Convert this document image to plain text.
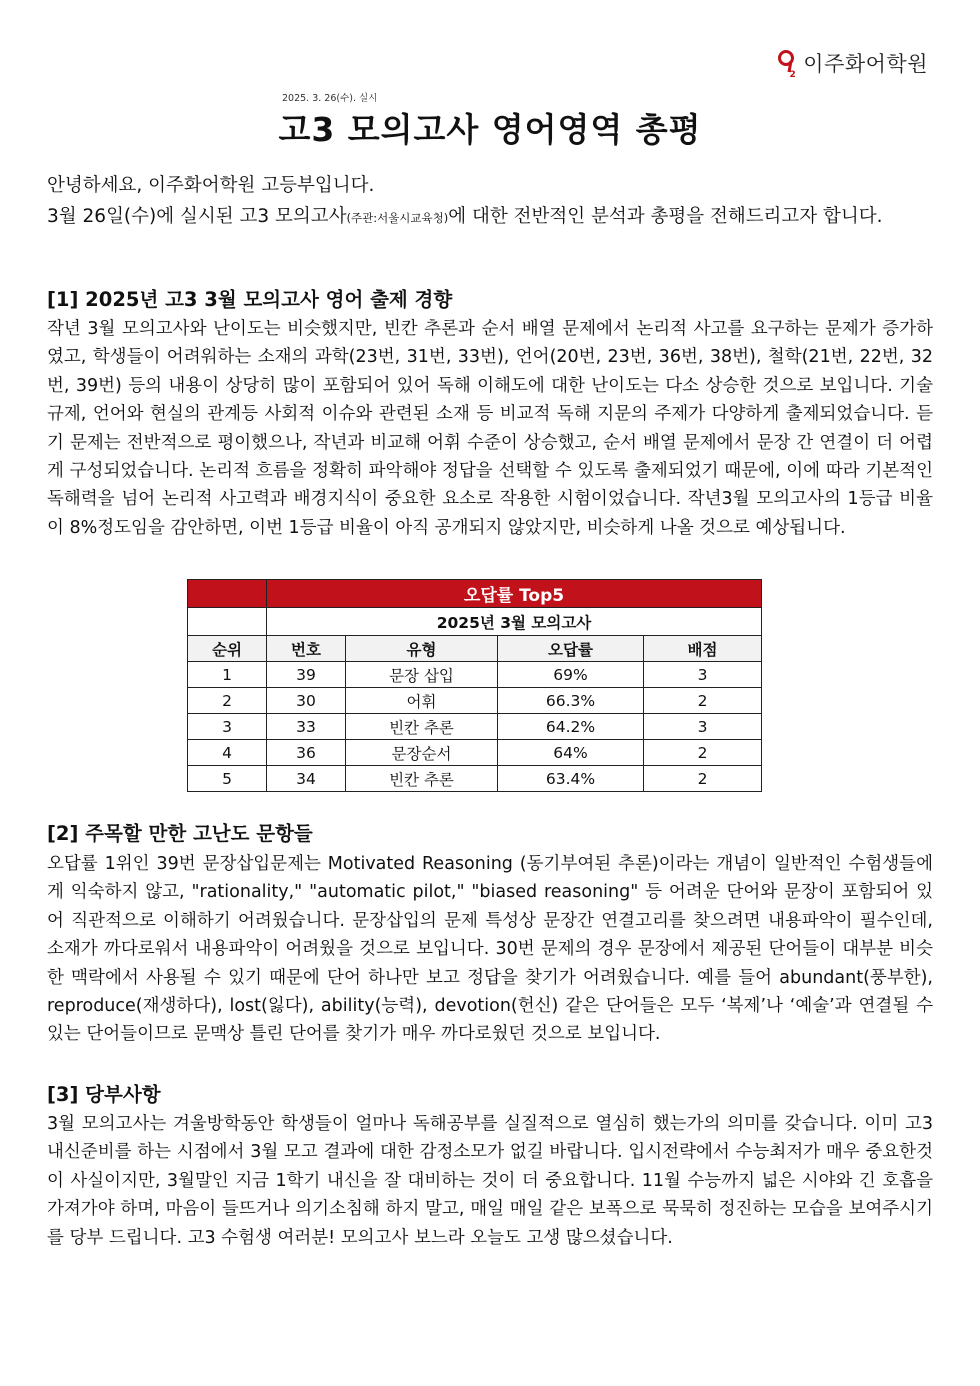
2 이주화어학원
2025. 3. 26(수). 실시
고3 모의고사 영어영역 총평

안녕하세요, 이주화어학원 고등부입니다.

3월 26일(수)에 실시된 고3 모의고사(주관:서울시교육청)에 대한 전반적인 분석과 총평을 전해드리고자 합니다.

[1] 2025년 고3 3월 모의고사 영어 출제 경향

작년 3월 모의고사와 난이도는 비슷했지만, 빈칸 추론과 순서 배열 문제에서 논리적 사고를 요구하는 문제가 증가하였고, 학생들이 어려워하는 소재의 과학(23번, 31번, 33번), 언어(20번, 23번, 36번, 38번), 철학(21번, 22번, 32번, 39번) 등의 내용이 상당히 많이 포함되어 있어 독해 이해도에 대한 난이도는 다소 상승한 것으로 보입니다. 기술규제, 언어와 현실의 관계등 사회적 이슈와 관련된 소재 등 비교적 독해 지문의 주제가 다양하게 출제되었습니다. 듣기 문제는 전반적으로 평이했으나, 작년과 비교해 어휘 수준이 상승했고, 순서 배열 문제에서 문장 간 연결이 더 어렵게 구성되었습니다. 논리적 흐름을 정확히 파악해야 정답을 선택할 수 있도록 출제되었기 때문에, 이에 따라 기본적인 독해력을 넘어 논리적 사고력과 배경지식이 중요한 요소로 작용한 시험이었습니다. 작년3월 모의고사의 1등급 비율이 8%정도임을 감안하면, 이번 1등급 비율이 아직 공개되지 않았지만, 비슷하게 나올 것으로 예상됩니다.

	오답률 Top5			
	2025년 3월 모의고사			
순위	번호	유형	오답률	배점
1	39	문장 삽입	69%	3
2	30	어휘	66.3%	2
3	33	빈칸 추론	64.2%	3
4	36	문장순서	64%	2
5	34	빈칸 추론	63.4%	2
[2] 주목할 만한 고난도 문항들

오답률 1위인 39번 문장삽입문제는 Motivated Reasoning (동기부여된 추론)이라는 개념이 일반적인 수험생들에게 익숙하지 않고, "rationality," "automatic pilot," "biased reasoning" 등 어려운 단어와 문장이 포함되어 있어 직관적으로 이해하기 어려웠습니다. 문장삽입의 문제 특성상 문장간 연결고리를 찾으려면 내용파악이 필수인데, 소재가 까다로워서 내용파악이 어려웠을 것으로 보입니다. 30번 문제의 경우 문장에서 제공된 단어들이 대부분 비슷한 맥락에서 사용될 수 있기 때문에 단어 하나만 보고 정답을 찾기가 어려웠습니다. 예를 들어 abundant(풍부한), reproduce(재생하다), lost(잃다), ability(능력), devotion(헌신) 같은 단어들은 모두 ‘복제’나 ‘예술’과 연결될 수 있는 단어들이므로 문맥상 틀린 단어를 찾기가 매우 까다로웠던 것으로 보입니다.

[3] 당부사항

3월 모의고사는 겨울방학동안 학생들이 얼마나 독해공부를 실질적으로 열심히 했는가의 의미를 갖습니다. 이미 고3 내신준비를 하는 시점에서 3월 모고 결과에 대한 감정소모가 없길 바랍니다. 입시전략에서 수능최저가 매우 중요한것이 사실이지만, 3월말인 지금 1학기 내신을 잘 대비하는 것이 더 중요합니다. 11월 수능까지 넓은 시야와 긴 호흡을 가져가야 하며, 마음이 들뜨거나 의기소침해 하지 말고, 매일 매일 같은 보폭으로 묵묵히 정진하는 모습을 보여주시기를 당부 드립니다. 고3 수험생 여러분! 모의고사 보느라 오늘도 고생 많으셨습니다.
